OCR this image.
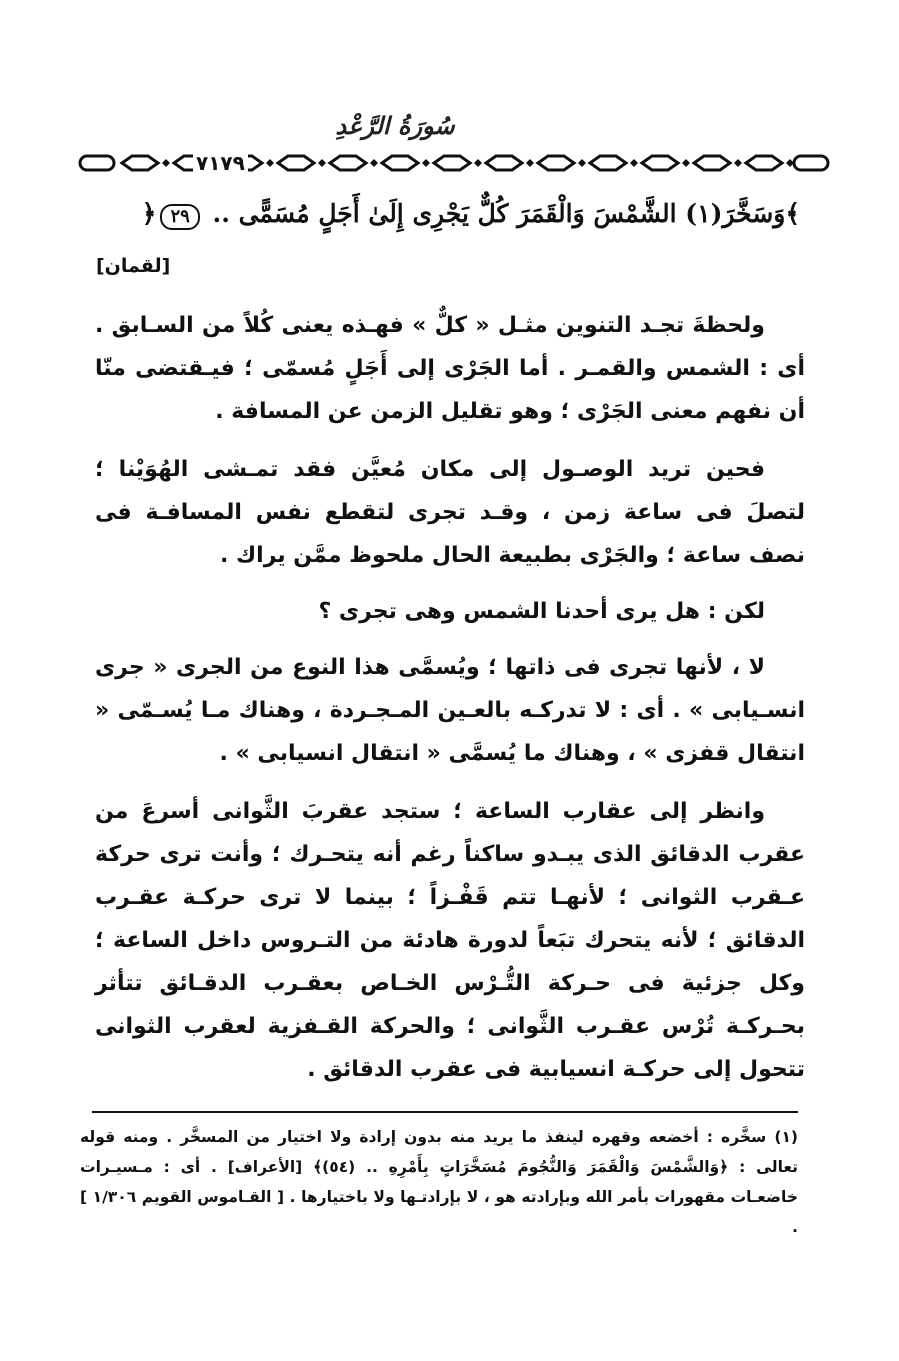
سُورَةُ الرَّعْدِ
٧١٧٩
﴾وَسَخَّرَ(١) الشَّمْسَ وَالْقَمَرَ كُلٌّ يَجْرِى إِلَىٰ أَجَلٍ مُسَمًّى .. ٢٩﴿
[لقمان]

ولحظةَ تجـد التنوين مثـل « كلٌّ » فهـذه يعنى كُلاً من السـابق . أى : الشمس والقمـر . أما الجَرْى إلى أَجَلٍ مُسمّى ؛ فيـقتضى منّا أن نفهم معنى الجَرْى ؛ وهو تقليل الزمن عن المسافة .

فحين تريد الوصـول إلى مكان مُعيَّن فقد تمـشى الهُوَيْنا ؛ لتصلَ فى ساعة زمن ، وقـد تجرى لتقطع نفس المسافـة فى نصف ساعة ؛ والجَرْى بطبيعة الحال ملحوظ ممَّن يراك .

لكن : هل يرى أحدنا الشمس وهى تجرى ؟

لا ، لأنها تجرى فى ذاتها ؛ ويُسمَّى هذا النوع من الجرى « جرى انسـيابى » . أى : لا تدركـه بالعـين المـجـردة ، وهناك مـا يُسـمّى « انتقال قفزى » ، وهناك ما يُسمَّى « انتقال انسيابى » .

وانظر إلى عقارب الساعة ؛ ستجد عقربَ الثَّوانى أسرعَ من عقرب الدقائق الذى يبـدو ساكناً رغم أنه يتحـرك ؛ وأنت ترى حركة عـقرب الثوانى ؛ لأنهـا تتم قَفْـزاً ؛ بينما لا ترى حركـة عقـرب الدقائق ؛ لأنه يتحرك تبَعاً لدورة هادئة من التـروس داخل الساعة ؛ وكل جزئية فى حـركة التُّـرْس الخـاص بعقـرب الدقـائق تتأثر بحـركـة تُرْس عقـرب الثَّوانى ؛ والحركة القـفزية لعقرب الثوانى تتحول إلى حركـة انسيابية فى عقرب الدقائق .

(١) سخَّره : أخضعه وقهره لينفذ ما يريد منه بدون إرادة ولا اختيار من المسخَّر . ومنه قوله تعالى : ﴿وَالشَّمْسَ وَالْقَمَرَ وَالنُّجُومَ مُسَخَّرَاتٍ بِأَمْرِهِ .. (٥٤)﴾ [الأعراف] . أى : مـسيـرات خاضعـات مقهورات بأمر الله وبإرادته هو ، لا بإرادتـها ولا باختيارها . [ القـاموس القويم ١/٣٠٦ ] .
